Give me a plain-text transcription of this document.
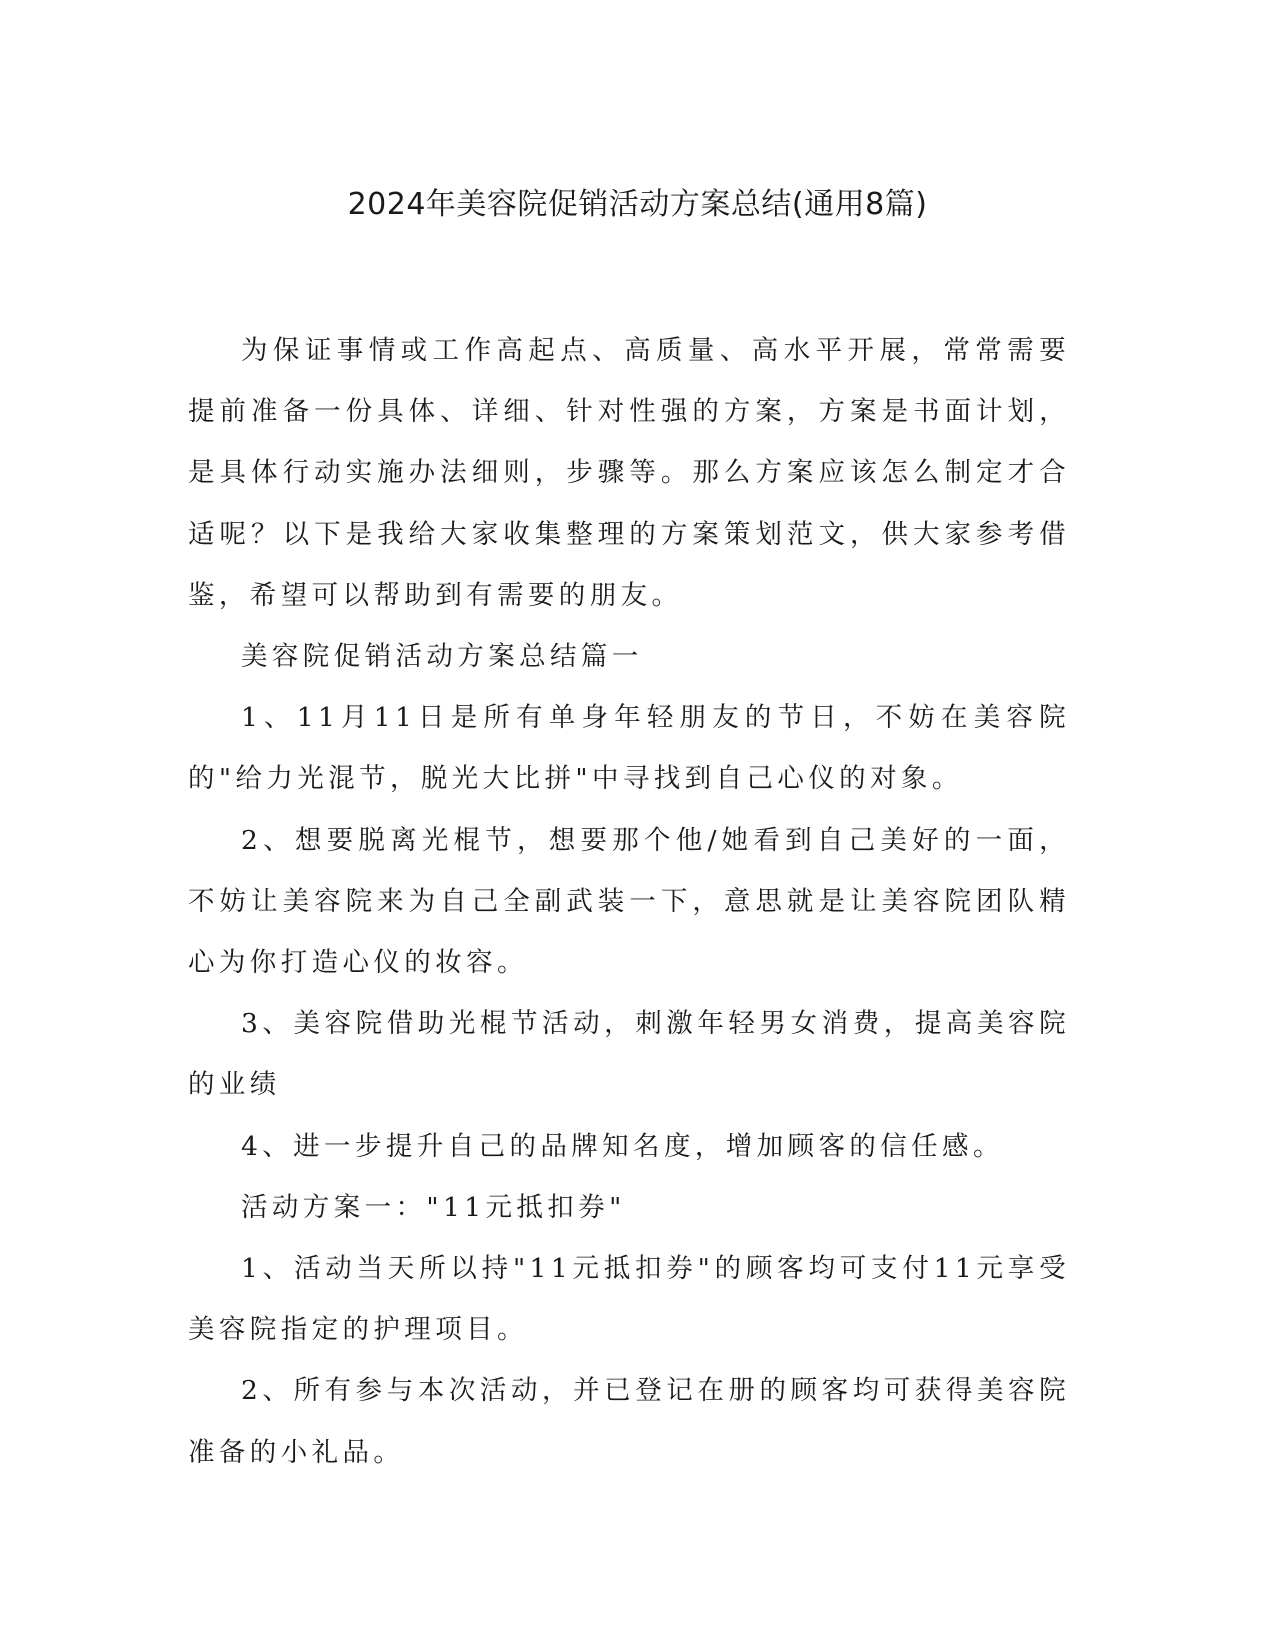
2024年美容院促销活动方案总结(通用8篇)

为保证事情或工作高起点、高质量、高水平开展，常常需要提前准备一份具体、详细、针对性强的方案，方案是书面计划，是具体行动实施办法细则，步骤等。那么方案应该怎么制定才合适呢？以下是我给大家收集整理的方案策划范文，供大家参考借鉴，希望可以帮助到有需要的朋友。

美容院促销活动方案总结篇一

1、11月11日是所有单身年轻朋友的节日，不妨在美容院的"给力光混节，脱光大比拼"中寻找到自己心仪的对象。

2、想要脱离光棍节，想要那个他/她看到自己美好的一面，不妨让美容院来为自己全副武装一下，意思就是让美容院团队精心为你打造心仪的妆容。

3、美容院借助光棍节活动，刺激年轻男女消费，提高美容院的业绩

4、进一步提升自己的品牌知名度，增加顾客的信任感。

活动方案一："11元抵扣券"

1、活动当天所以持"11元抵扣券"的顾客均可支付11元享受美容院指定的护理项目。

2、所有参与本次活动，并已登记在册的顾客均可获得美容院准备的小礼品。
